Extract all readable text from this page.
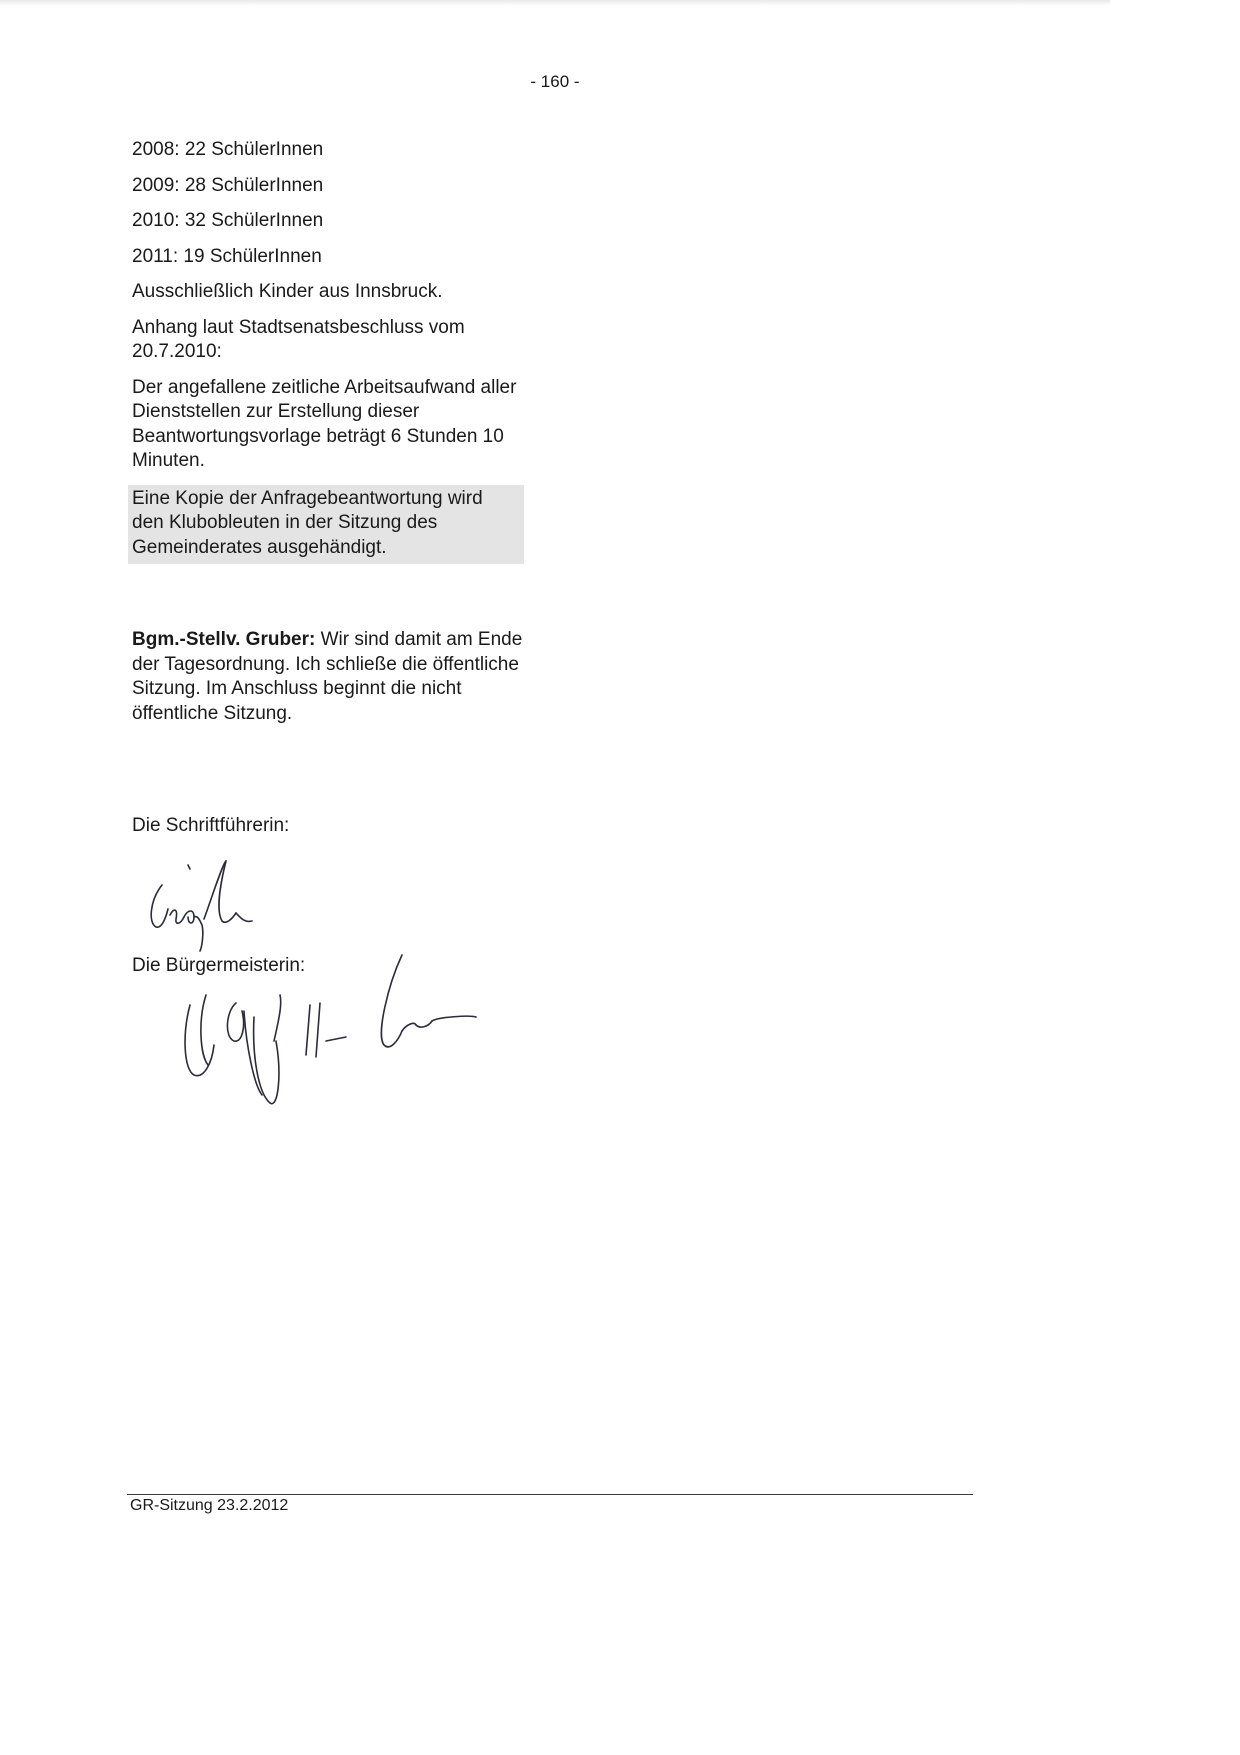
- 160 -

2008: 22 SchülerInnen

2009: 28 SchülerInnen

2010: 32 SchülerInnen

2011: 19 SchülerInnen

Ausschließlich Kinder aus Innsbruck.

Anhang laut Stadtsenatsbeschluss vom 20.7.2010:

Der angefallene zeitliche Arbeitsaufwand aller Dienststellen zur Erstellung dieser Beantwortungsvorlage beträgt 6 Stunden 10 Minuten.

Eine Kopie der Anfragebeantwortung wird den Klubobleuten in der Sitzung des Gemeinderates ausgehändigt.

Bgm.-Stellv. Gruber: Wir sind damit am Ende der Tagesordnung. Ich schließe die öffentliche Sitzung. Im Anschluss beginnt die nicht öffentliche Sitzung.

Die Schriftführerin:
Die Bürgermeisterin:
GR-Sitzung 23.2.2012
